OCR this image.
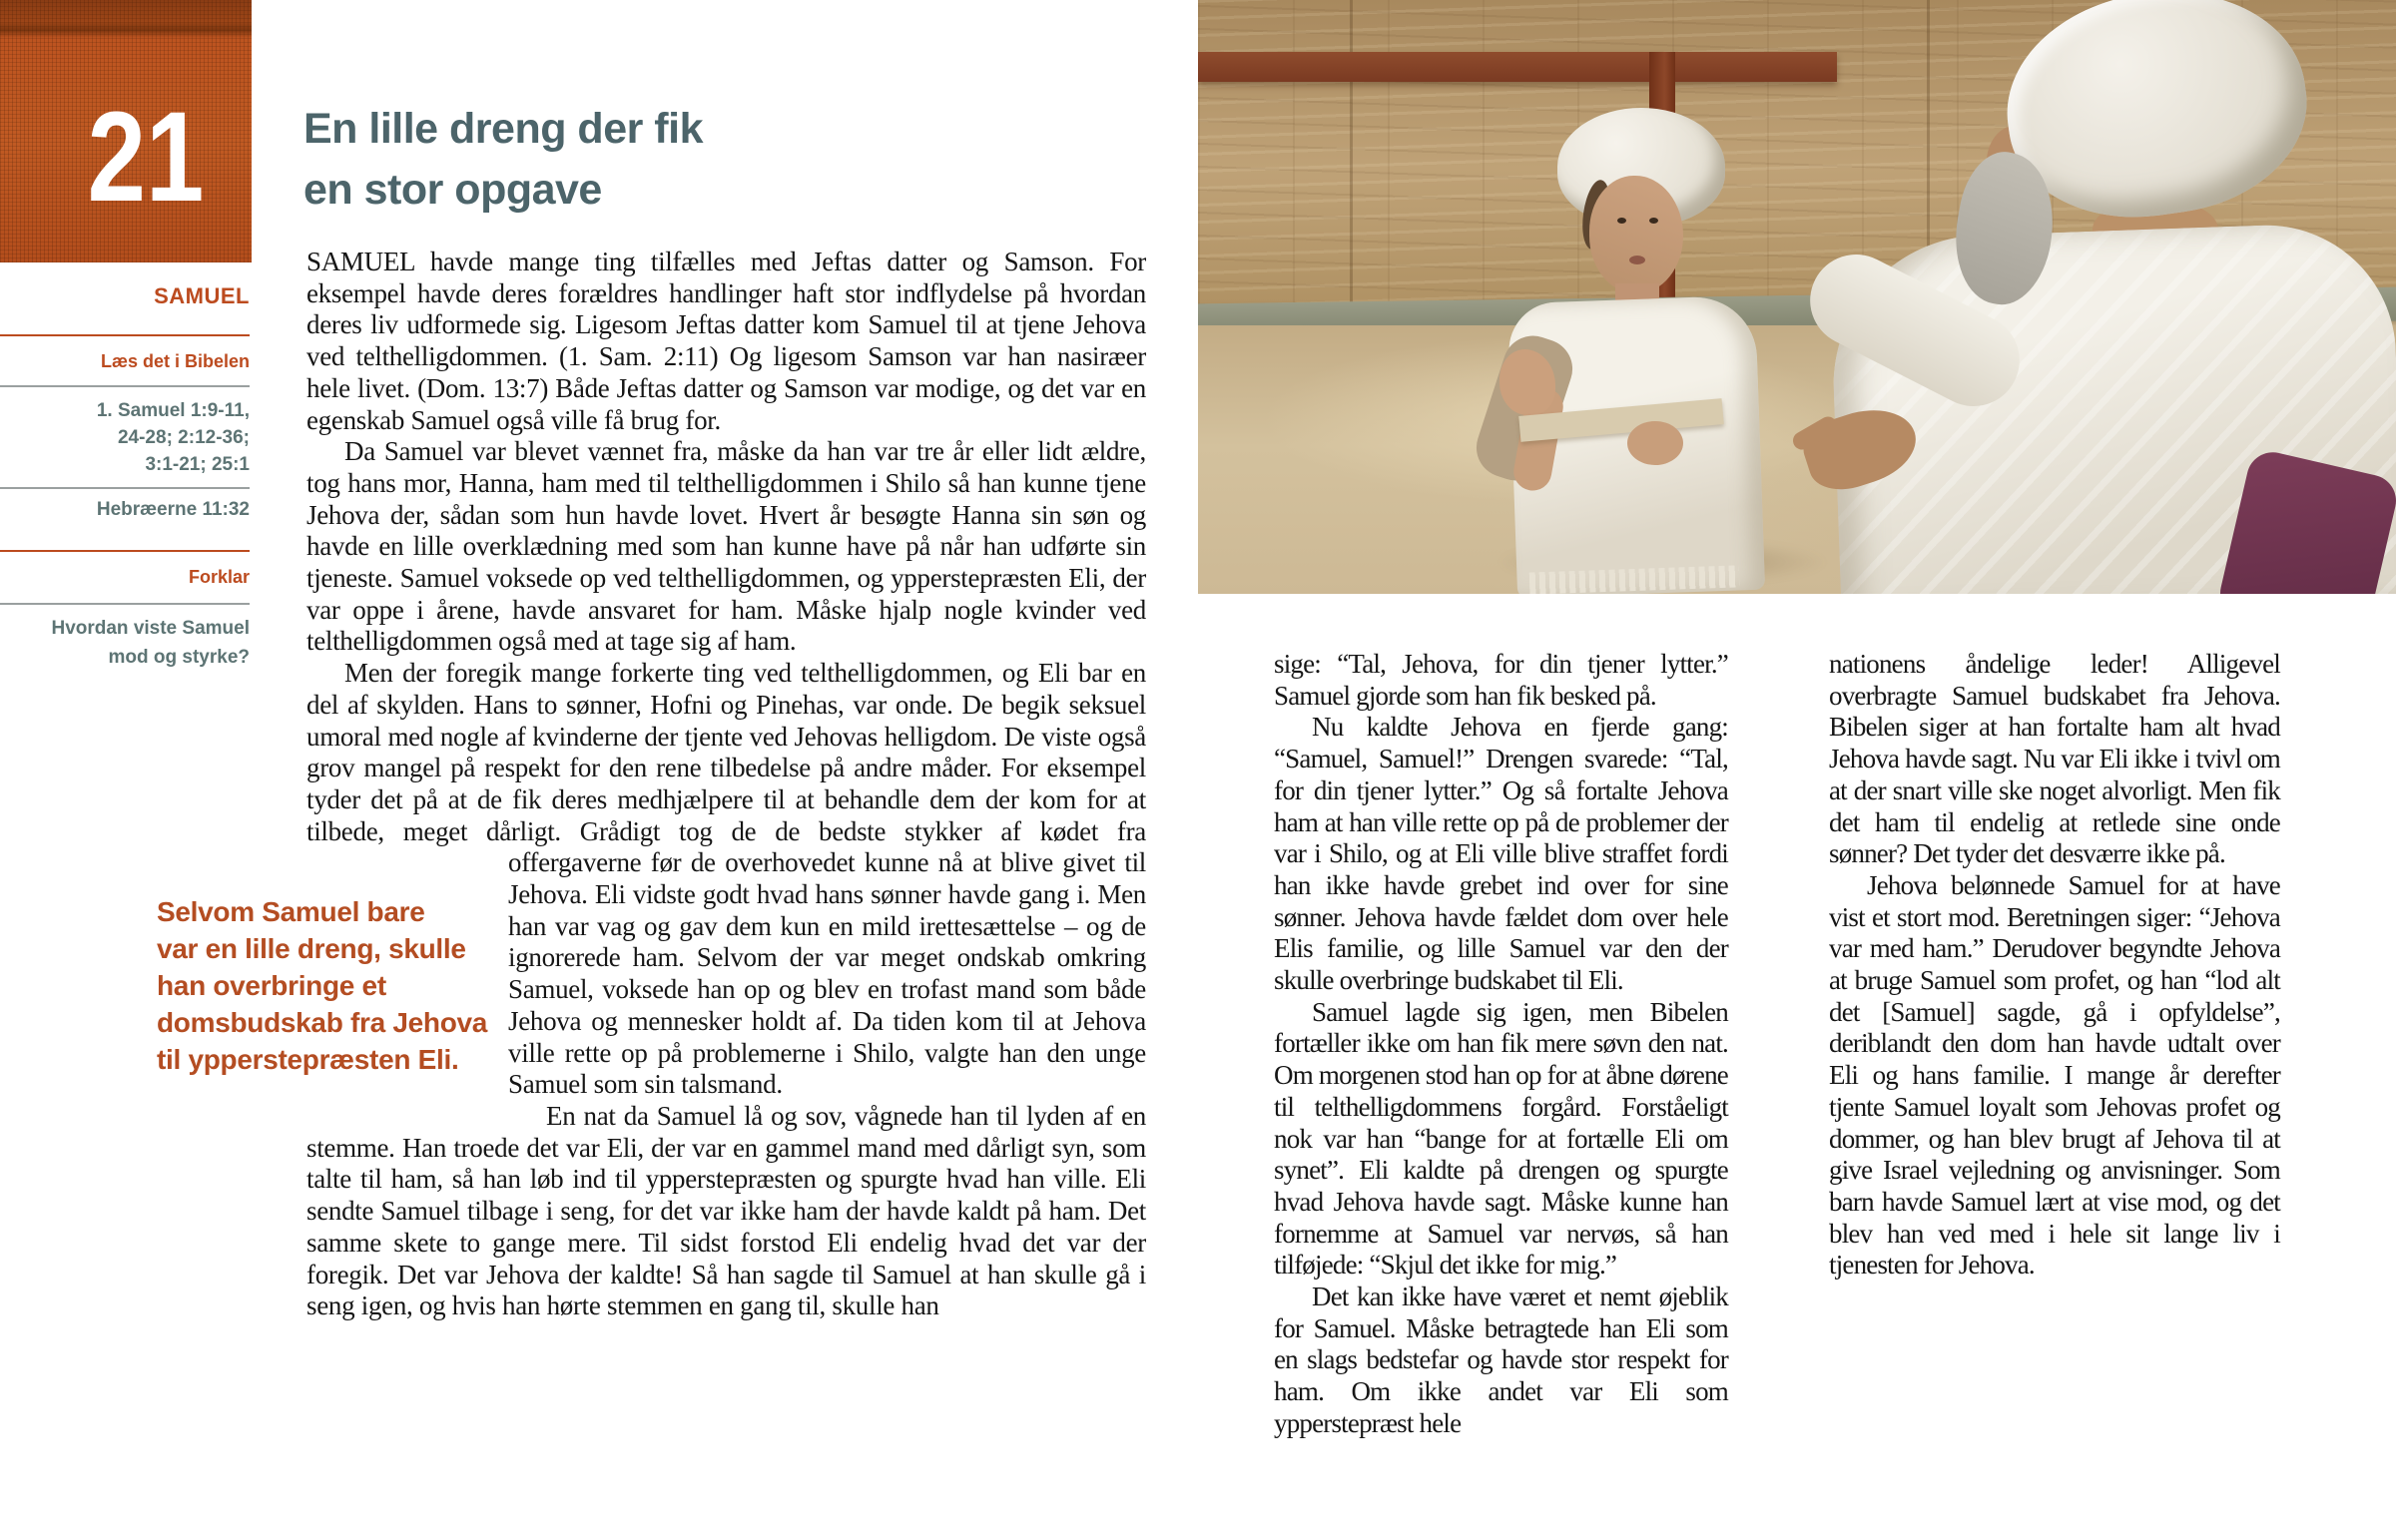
21
SAMUEL
Læs det i Bibelen
1. Samuel 1:9-11,
24-28; 2:12-36;
3:1-21; 25:1
Hebræerne 11:32
Forklar
Hvordan viste Samuel
mod og styrke?
En lille dreng der fik
en stor opgave

SAMUEL havde mange ting tilfælles med Jeftas datter og Samson. For eksempel havde deres forældres handlinger haft stor indflydelse på hvordan deres liv udformede sig. Ligesom Jeftas datter kom Samuel til at tjene Jehova ved telthelligdommen. (1. Sam. 2:11) Og ligesom Samson var han nasiræer hele livet. (Dom. 13:7) Både Jeftas datter og Samson var modige, og det var en egenskab Samuel også ville få brug for.

Da Samuel var blevet vænnet fra, måske da han var tre år eller lidt ældre, tog hans mor, Hanna, ham med til telthelligdommen i Shilo så han kunne tjene Jehova der, sådan som hun havde lovet. Hvert år besøgte Hanna sin søn og havde en lille overklædning med som han kunne have på når han udførte sin tjeneste. Samuel voksede op ved telthelligdommen, og ypperstepræsten Eli, der var oppe i årene, havde ansvaret for ham. Måske hjalp nogle kvinder ved telthelligdommen også med at tage sig af ham.

Men der foregik mange forkerte ting ved telthelligdommen, og Eli bar en del af skylden. Hans to sønner, Hofni og Pinehas, var onde. De begik seksuel umoral med nogle af kvinderne der tjente ved Jehovas helligdom. De viste også grov mangel på respekt for den rene tilbedelse på andre måder. For eksempel tyder det på at de fik deres medhjælpere til at behandle dem der kom for at tilbede, meget dårligt. Grådigt tog de de bedste stykker af kødet fra offergaverne før de overhovedet kunne nå at blive givet
Selvom Samuel bare
var en lille dreng, skulle
han overbringe et
domsbudskab fra Jehova
til ypperstepræsten Eli.
til Jehova. Eli vidste godt hvad hans sønner havde gang i. Men han var vag og gav dem kun en mild irettesættelse – og de ignorerede ham. Selvom der var meget ondskab omkring Samuel, voksede han op og blev en trofast mand som både Jehova og mennesker holdt af. Da tiden kom til at Jehova ville rette op på problemerne i Shilo, valgte han den unge Samuel som sin talsmand.

En nat da Samuel lå og sov, vågnede han til lyden af en stemme. Han troede det var Eli, der var en gammel mand med dårligt syn, som talte til ham, så han løb ind til ypperstepræsten og spurgte hvad han ville. Eli sendte Samuel tilbage i seng, for det var ikke ham der havde kaldt på ham. Det samme skete to gange mere. Til sidst forstod Eli endelig hvad det var der foregik. Det var Jehova der kaldte! Så han sagde til Samuel at han skulle gå i seng igen, og hvis han hørte stemmen en gang til, skulle han

sige: “Tal, Jehova, for din tjener lytter.” Samuel gjorde som han fik besked på.

Nu kaldte Jehova en fjerde gang: “Samuel, Samuel!” Drengen svarede: “Tal, for din tjener lytter.” Og så fortalte Jehova ham at han ville rette op på de problemer der var i Shilo, og at Eli ville blive straffet fordi han ikke havde grebet ind over for sine sønner. Jehova havde fældet dom over hele Elis familie, og lille Samuel var den der skulle overbringe budskabet til Eli.

Samuel lagde sig igen, men Bibelen fortæller ikke om han fik mere søvn den nat. Om morgenen stod han op for at åbne dørene til telthelligdommens forgård. Forståeligt nok var han “bange for at fortælle Eli om synet”. Eli kaldte på drengen og spurgte hvad Jehova havde sagt. Måske kunne han fornemme at Samuel var nervøs, så han tilføjede: “Skjul det ikke for mig.”

Det kan ikke have været et nemt øjeblik for Samuel. Måske betragtede han Eli som en slags bedstefar og havde stor respekt for ham. Om ikke andet var Eli som ypperstepræst hele

nationens åndelige leder! Alligevel overbragte Samuel budskabet fra Jehova. Bibelen siger at han fortalte ham alt hvad Jehova havde sagt. Nu var Eli ikke i tvivl om at der snart ville ske noget alvorligt. Men fik det ham til endelig at retlede sine onde sønner? Det tyder det desværre ikke på.

Jehova belønnede Samuel for at have vist et stort mod. Beretningen siger: “Jehova var med ham.” Derudover begyndte Jehova at bruge Samuel som profet, og han “lod alt det [Samuel] sagde, gå i opfyldelse”, deriblandt den dom han havde udtalt over Eli og hans familie. I mange år derefter tjente Samuel loyalt som Jehovas profet og dommer, og han blev brugt af Jehova til at give Israel vejledning og anvisninger. Som barn havde Samuel lært at vise mod, og det blev han ved med i hele sit lange liv i tjenesten for Jehova.
